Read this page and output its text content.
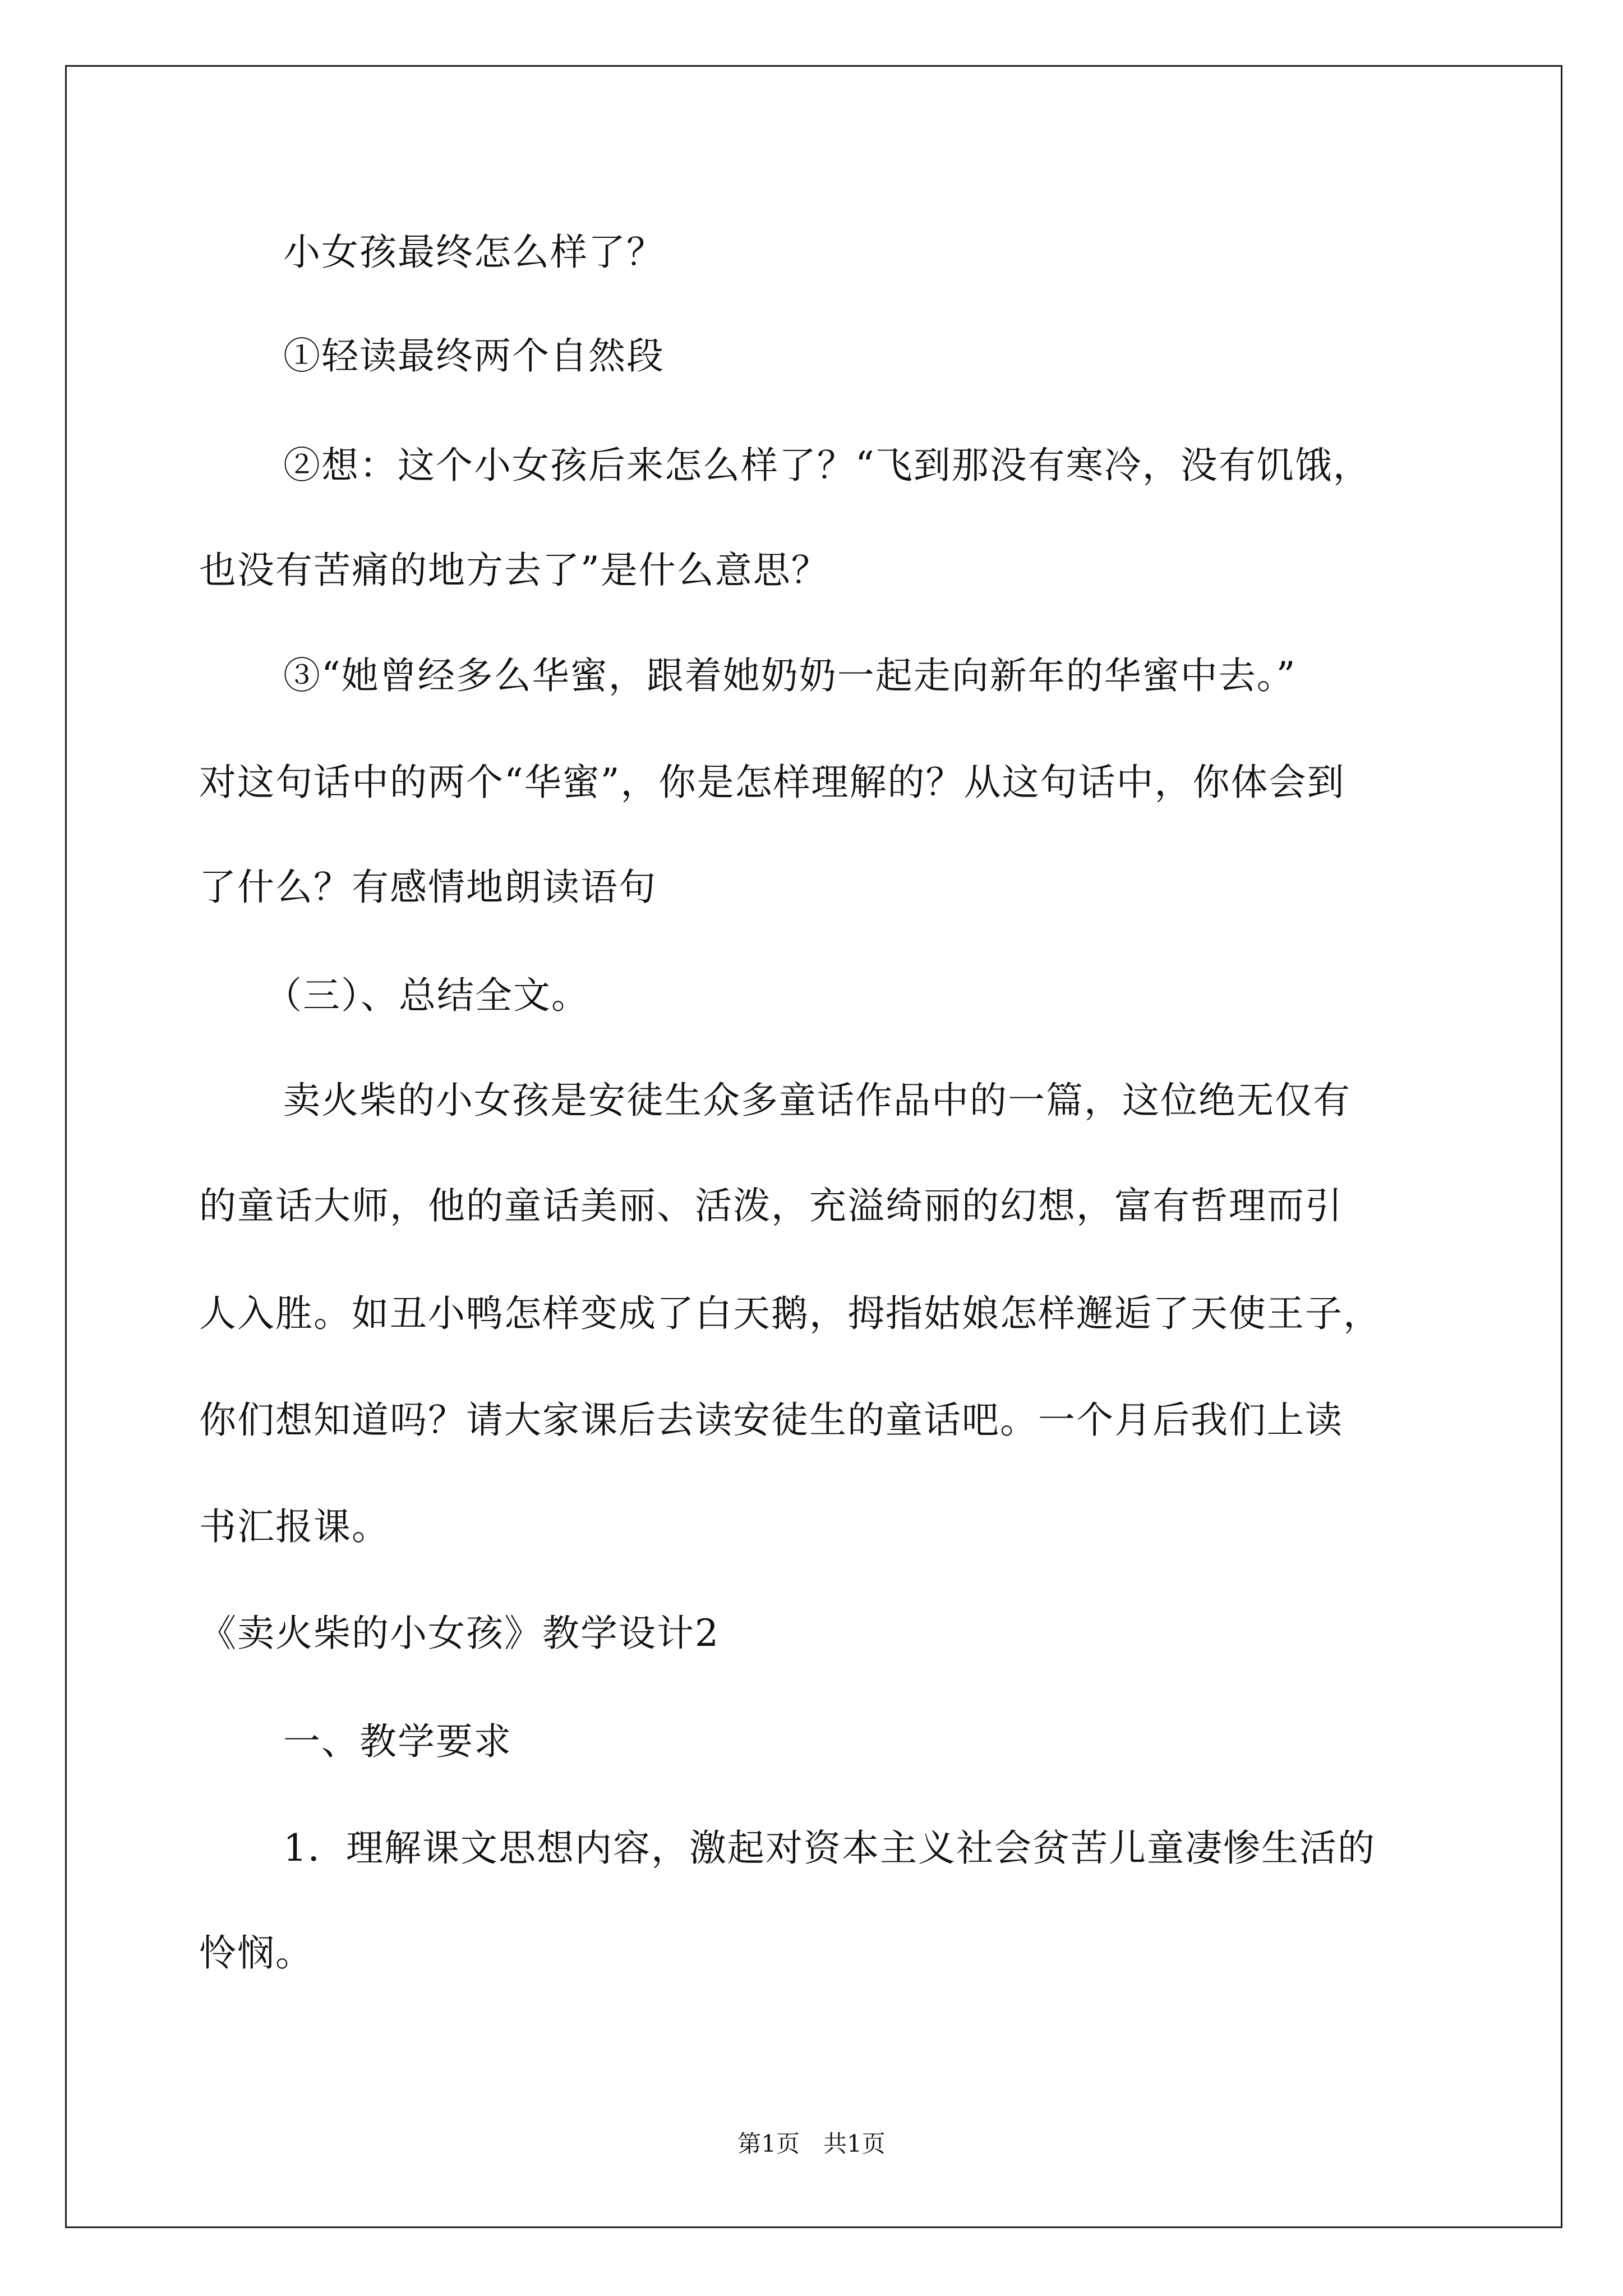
小女孩最终怎么样了？
①轻读最终两个自然段
②想：这个小女孩后来怎么样了？“飞到那没有寒冷，没有饥饿，
也没有苦痛的地方去了”是什么意思？
③“她曾经多么华蜜，跟着她奶奶一起走向新年的华蜜中去。”
对这句话中的两个“华蜜”，你是怎样理解的？从这句话中，你体会到
了什么？有感情地朗读语句
（三）、总结全文。
卖火柴的小女孩是安徒生众多童话作品中的一篇，这位绝无仅有
的童话大师，他的童话美丽、活泼，充溢绮丽的幻想，富有哲理而引
人入胜。如丑小鸭怎样变成了白天鹅，拇指姑娘怎样邂逅了天使王子，
你们想知道吗？请大家课后去读安徒生的童话吧。一个月后我们上读
书汇报课。
《卖火柴的小女孩》教学设计2
一、教学要求
1．理解课文思想内容，激起对资本主义社会贫苦儿童凄惨生活的
怜悯。
第1页　共1页
